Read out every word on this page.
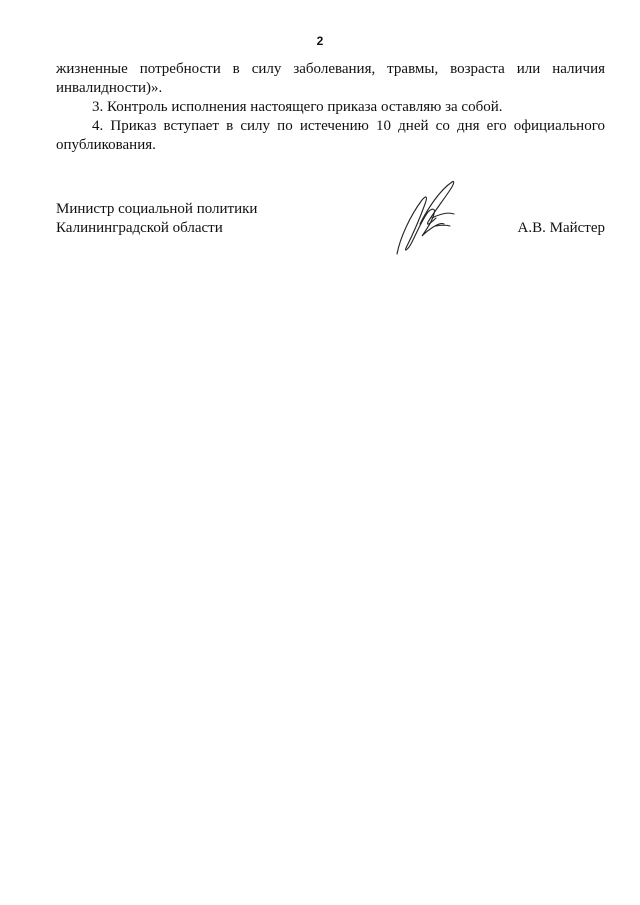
2

жизненные потребности в силу заболевания, травмы, возраста или наличия инвалидности)».

3. Контроль исполнения настоящего приказа оставляю за собой.

4. Приказ вступает в силу по истечению 10 дней со дня его официального опубликования.

Министр социальной политики
Калининградской области	А.В. Майстер
